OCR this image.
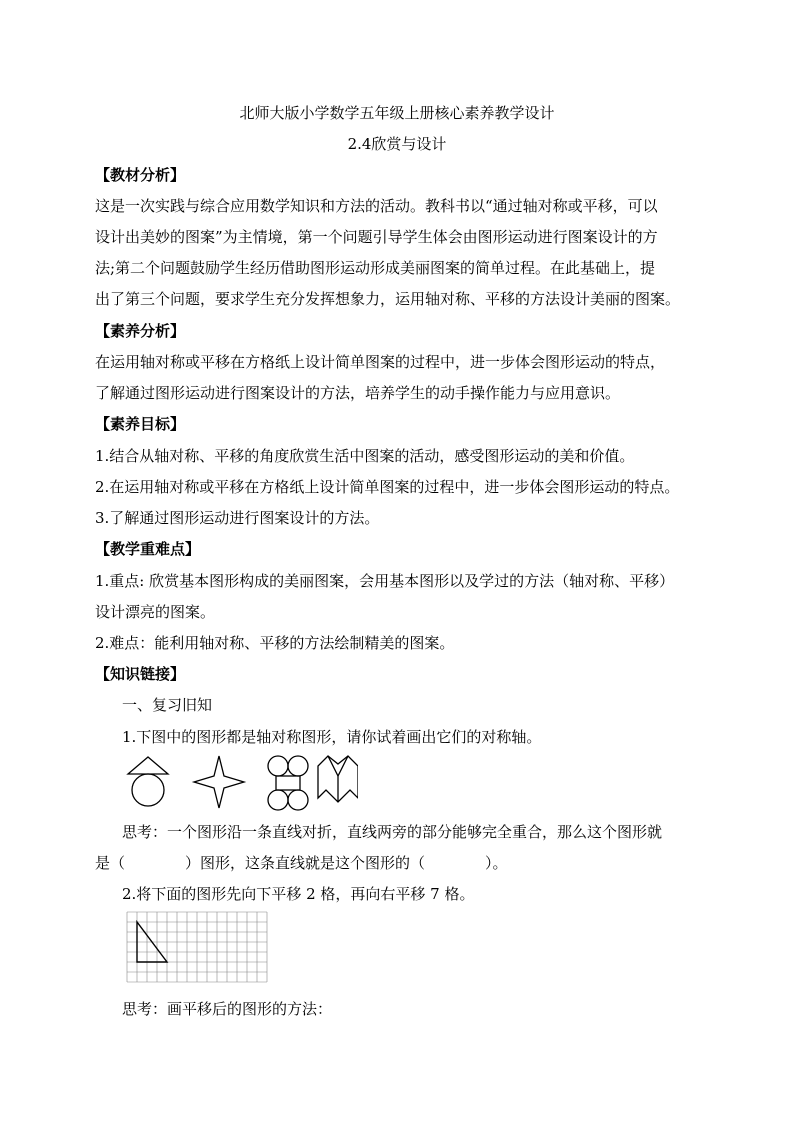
北师大版小学数学五年级上册核心素养教学设计
2.4欣赏与设计
【教材分析】
这是一次实践与综合应用数学知识和方法的活动。教科书以“通过轴对称或平移，可以
设计出美妙的图案”为主情境，第一个问题引导学生体会由图形运动进行图案设计的方
法;第二个问题鼓励学生经历借助图形运动形成美丽图案的简单过程。在此基础上，提
出了第三个问题，要求学生充分发挥想象力，运用轴对称、平移的方法设计美丽的图案。
【素养分析】
在运用轴对称或平移在方格纸上设计简单图案的过程中，进一步体会图形运动的特点，
了解通过图形运动进行图案设计的方法，培养学生的动手操作能力与应用意识。
【素养目标】
1.结合从轴对称、平移的角度欣赏生活中图案的活动，感受图形运动的美和价值。
2.在运用轴对称或平移在方格纸上设计简单图案的过程中，进一步体会图形运动的特点。
3.了解通过图形运动进行图案设计的方法。
【教学重难点】
1.重点: 欣赏基本图形构成的美丽图案，会用基本图形以及学过的方法（轴对称、平移）
设计漂亮的图案。
2.难点：能利用轴对称、平移的方法绘制精美的图案。
【知识链接】
一、复习旧知
1.下图中的图形都是轴对称图形，请你试着画出它们的对称轴。
思考：一个图形沿一条直线对折，直线两旁的部分能够完全重合，那么这个图形就
是（　　　　）图形，这条直线就是这个图形的（　　　　）。
2.将下面的图形先向下平移 2 格，再向右平移 7 格。
思考：画平移后的图形的方法：
